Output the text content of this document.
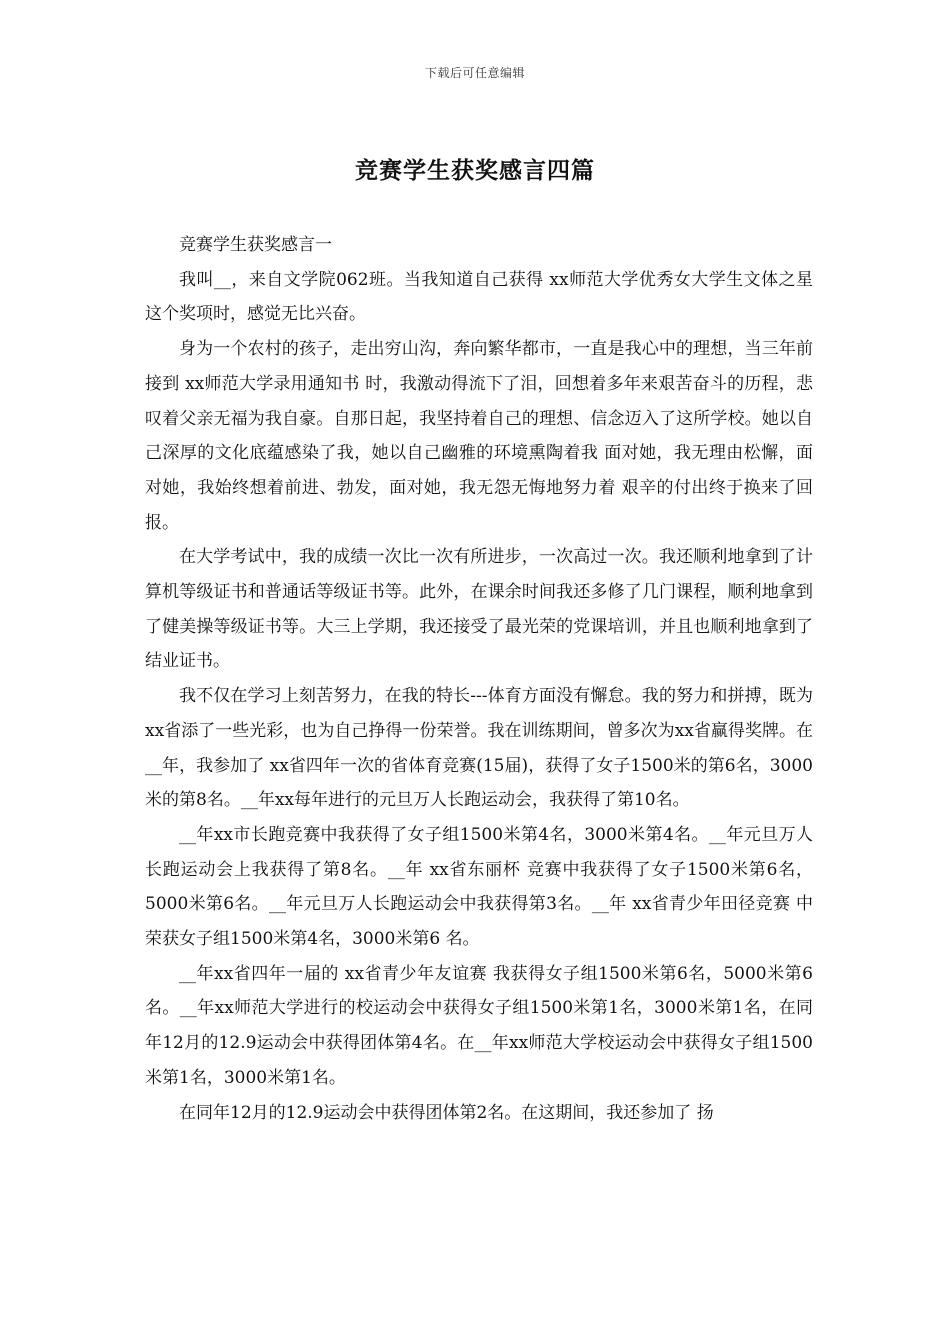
下载后可任意编辑
竞赛学生获奖感言四篇

竞赛学生获奖感言一

我叫__，来自文学院062班。当我知道自己获得 xx师范大学优秀女大学生文体之星 这个奖项时，感觉无比兴奋。

身为一个农村的孩子，走出穷山沟，奔向繁华都市，一直是我心中的理想，当三年前接到 xx师范大学录用通知书 时，我激动得流下了泪，回想着多年来艰苦奋斗的历程，悲叹着父亲无福为我自豪。自那日起，我坚持着自己的理想、信念迈入了这所学校。她以自己深厚的文化底蕴感染了我，她以自己幽雅的环境熏陶着我 面对她，我无理由松懈，面对她，我始终想着前进、勃发，面对她，我无怨无悔地努力着 艰辛的付出终于换来了回报。

在大学考试中，我的成绩一次比一次有所进步，一次高过一次。我还顺利地拿到了计算机等级证书和普通话等级证书等。此外，在课余时间我还多修了几门课程，顺利地拿到了健美操等级证书等。大三上学期，我还接受了最光荣的党课培训，并且也顺利地拿到了结业证书。

我不仅在学习上刻苦努力，在我的特长---体育方面没有懈怠。我的努力和拼搏，既为xx省添了一些光彩，也为自己挣得一份荣誉。我在训练期间，曾多次为xx省赢得奖牌。在__年，我参加了 xx省四年一次的省体育竞赛(15届)，获得了女子1500米的第6名，3000米的第8名。__年xx每年进行的元旦万人长跑运动会，我获得了第10名。

__年xx市长跑竞赛中我获得了女子组1500米第4名，3000米第4名。__年元旦万人长跑运动会上我获得了第8名。__年 xx省东丽杯 竞赛中我获得了女子1500米第6名，5000米第6名。__年元旦万人长跑运动会中我获得第3名。__年 xx省青少年田径竞赛 中荣获女子组1500米第4名，3000米第6 名。

__年xx省四年一届的 xx省青少年友谊赛 我获得女子组1500米第6名，5000米第6名。__年xx师范大学进行的校运动会中获得女子组1500米第1名，3000米第1名，在同年12月的12.9运动会中获得团体第4名。在__年xx师范大学校运动会中获得女子组1500米第1名，3000米第1名。

在同年12月的12.9运动会中获得团体第2名。在这期间，我还参加了 扬
